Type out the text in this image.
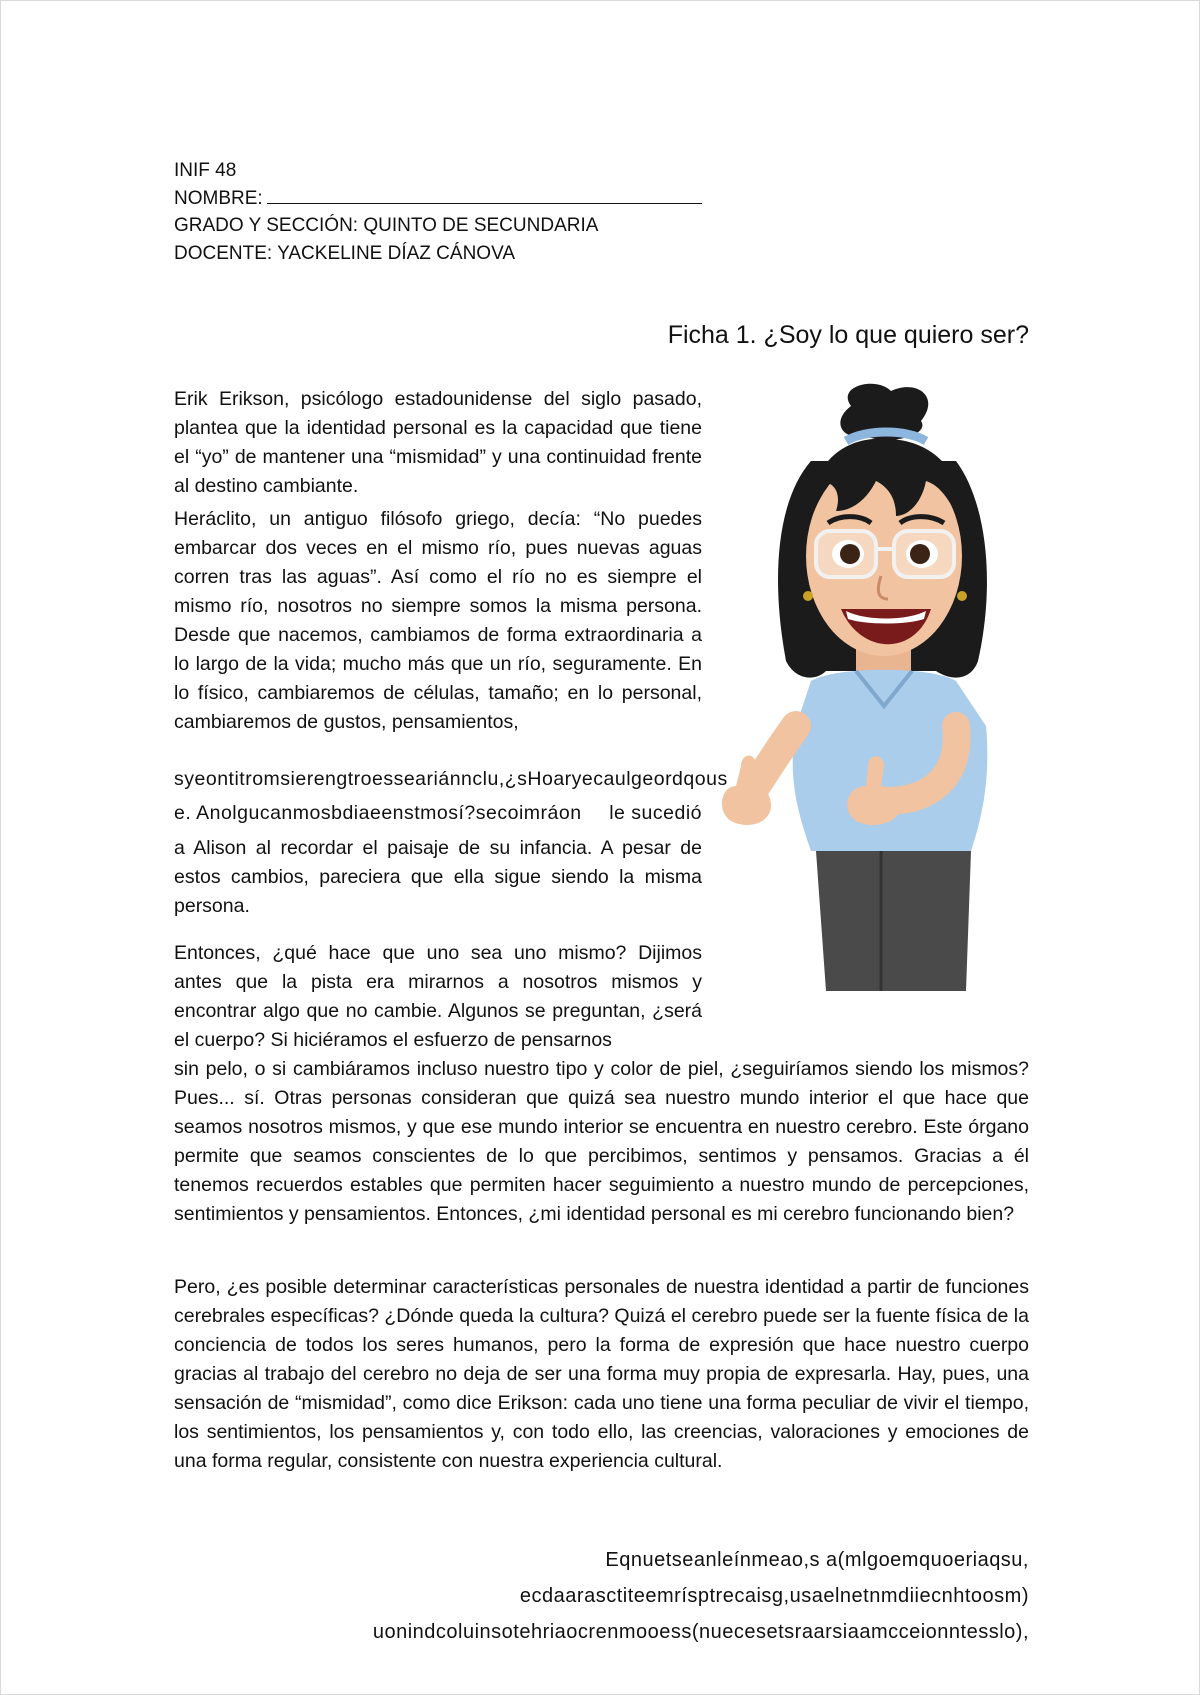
INIF 48
NOMBRE:
GRADO Y SECCIÓN: QUINTO DE SECUNDARIA
DOCENTE: YACKELINE DÍAZ CÁNOVA
Ficha 1. ¿Soy lo que quiero ser?
Erik Erikson, psicólogo estadounidense del siglo pasado, plantea que la identidad personal es la capacidad que tiene el “yo” de mantener una “mismidad” y una continuidad frente al destino cambiante.
Heráclito, un antiguo filósofo griego, decía: “No puedes embarcar dos veces en el mismo río, pues nuevas aguas corren tras las aguas”. Así como el río no es siempre el mismo río, nosotros no siempre somos la misma persona. Desde que nacemos, cambiamos de forma extraordinaria a lo largo de la vida; mucho más que un río, seguramente. En lo físico, cambiaremos de células, tamaño; en lo personal, cambiaremos de gustos, pensamientos,
syeontitromsierengtroesseariánnclu,¿sHoaryecaulgeordqous
e. Anolgucanmosbdiaeenstmosí?secoimráon le sucedió
a Alison al recordar el paisaje de su infancia. A pesar de estos cambios, pareciera que ella sigue siendo la misma persona.
Entonces, ¿qué hace que uno sea uno mismo? Dijimos antes que la pista era mirarnos a nosotros mismos y encontrar algo que no cambie. Algunos se preguntan, ¿será el cuerpo? Si hiciéramos el esfuerzo de pensarnos
sin pelo, o si cambiáramos incluso nuestro tipo y color de piel, ¿seguiríamos siendo los mismos? Pues... sí. Otras personas consideran que quizá sea nuestro mundo interior el que hace que seamos nosotros mismos, y que ese mundo interior se encuentra en nuestro cerebro. Este órgano permite que seamos conscientes de lo que percibimos, sentimos y pensamos. Gracias a él tenemos recuerdos estables que permiten hacer seguimiento a nuestro mundo de percepciones, sentimientos y pensamientos. Entonces, ¿mi identidad personal es mi cerebro funcionando bien?
Pero, ¿es posible determinar características personales de nuestra identidad a partir de funciones cerebrales específicas? ¿Dónde queda la cultura? Quizá el cerebro puede ser la fuente física de la conciencia de todos los seres humanos, pero la forma de expresión que hace nuestro cuerpo gracias al trabajo del cerebro no deja de ser una forma muy propia de expresarla. Hay, pues, una sensación de “mismidad”, como dice Erikson: cada uno tiene una forma peculiar de vivir el tiempo, los sentimientos, los pensamientos y, con todo ello, las creencias, valoraciones y emociones de una forma regular, consistente con nuestra experiencia cultural.
Eqnuetseanleínmeao,s a(mlgoemquoeriaqsu,
ecdaarasctiteemrísptrecaisg,usaelnetnmdiiecnhtoosm)
uonindcoluinsotehriaocrenmooess(nuecesetsraarsiaamcceionntesslo),
